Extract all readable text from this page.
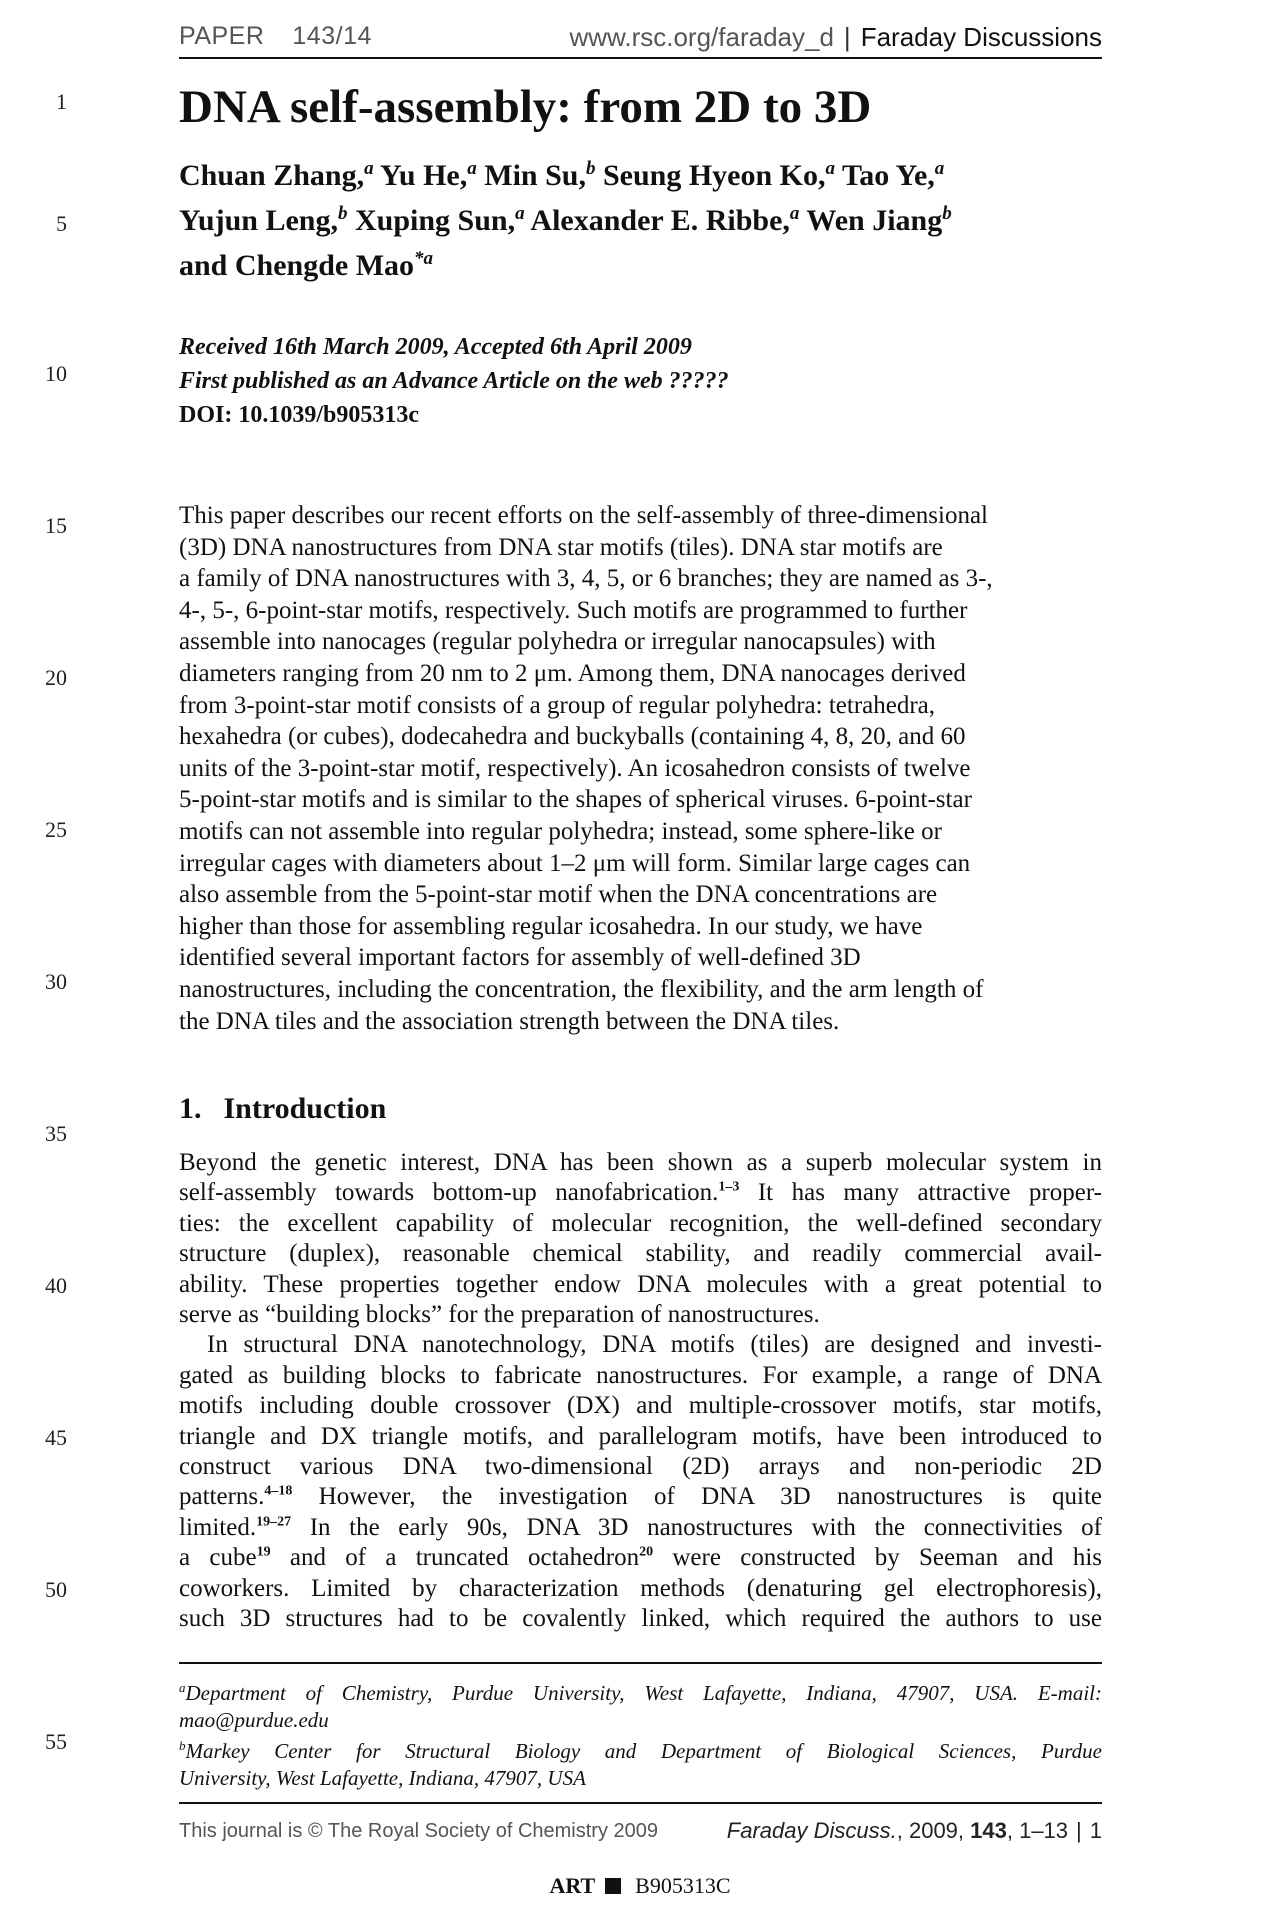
PAPER 143/14	www.rsc.org/faraday_d | Faraday Discussions
1
5
10
15
20
25
30
35
40
45
50
55
DNA self-assembly: from 2D to 3D

Chuan Zhang,$^a$ Yu He,$^a$ Min Su,$^b$ Seung Hyeon Ko,$^a$ Tao Ye,$^a$

Yujun Leng,$^b$ Xuping Sun,$^a$ Alexander E. Ribbe,$^a$ Wen Jiang$^b$

and Chengde Mao$^{*a}$

Received 16th March 2009, Accepted 6th April 2009

First published as an Advance Article on the web ?????

DOI: 10.1039/b905313c

This paper describes our recent efforts on the self-assembly of three-dimensional

(3D) DNA nanostructures from DNA star motifs (tiles). DNA star motifs are

a family of DNA nanostructures with 3, 4, 5, or 6 branches; they are named as 3-,

4-, 5-, 6-point-star motifs, respectively. Such motifs are programmed to further

assemble into nanocages (regular polyhedra or irregular nanocapsules) with

diameters ranging from 20 nm to 2 μm. Among them, DNA nanocages derived

from 3-point-star motif consists of a group of regular polyhedra: tetrahedra,

hexahedra (or cubes), dodecahedra and buckyballs (containing 4, 8, 20, and 60

units of the 3-point-star motif, respectively). An icosahedron consists of twelve

5-point-star motifs and is similar to the shapes of spherical viruses. 6-point-star

motifs can not assemble into regular polyhedra; instead, some sphere-like or

irregular cages with diameters about 1–2 μm will form. Similar large cages can

also assemble from the 5-point-star motif when the DNA concentrations are

higher than those for assembling regular icosahedra. In our study, we have

identified several important factors for assembly of well-defined 3D

nanostructures, including the concentration, the flexibility, and the arm length of

the DNA tiles and the association strength between the DNA tiles.

1. Introduction

Beyond the genetic interest, DNA has been shown as a superb molecular system in

self-assembly towards bottom-up nanofabrication.$^{1-3}$ It has many attractive proper-

ties: the excellent capability of molecular recognition, the well-defined secondary

structure (duplex), reasonable chemical stability, and readily commercial avail-

ability. These properties together endow DNA molecules with a great potential to

serve as “building blocks” for the preparation of nanostructures.

In structural DNA nanotechnology, DNA motifs (tiles) are designed and investi-

gated as building blocks to fabricate nanostructures. For example, a range of DNA

motifs including double crossover (DX) and multiple-crossover motifs, star motifs,

triangle and DX triangle motifs, and parallelogram motifs, have been introduced to

construct various DNA two-dimensional (2D) arrays and non-periodic 2D

patterns.$^{4-18}$ However, the investigation of DNA 3D nanostructures is quite

limited.$^{19-27}$ In the early 90s, DNA 3D nanostructures with the connectivities of

a cube$^{19}$ and of a truncated octahedron$^{20}$ were constructed by Seeman and his

coworkers. Limited by characterization methods (denaturing gel electrophoresis),

such 3D structures had to be covalently linked, which required the authors to use

$^a$Department of Chemistry, Purdue University, West Lafayette, Indiana, 47907, USA. E-mail:

mao@purdue.edu

$^b$Markey Center for Structural Biology and Department of Biological Sciences, Purdue

University, West Lafayette, Indiana, 47907, USA

This journal is © The Royal Society of Chemistry 2009	Faraday Discuss., 2009, 143, 1–13 | 1
ART B905313C
